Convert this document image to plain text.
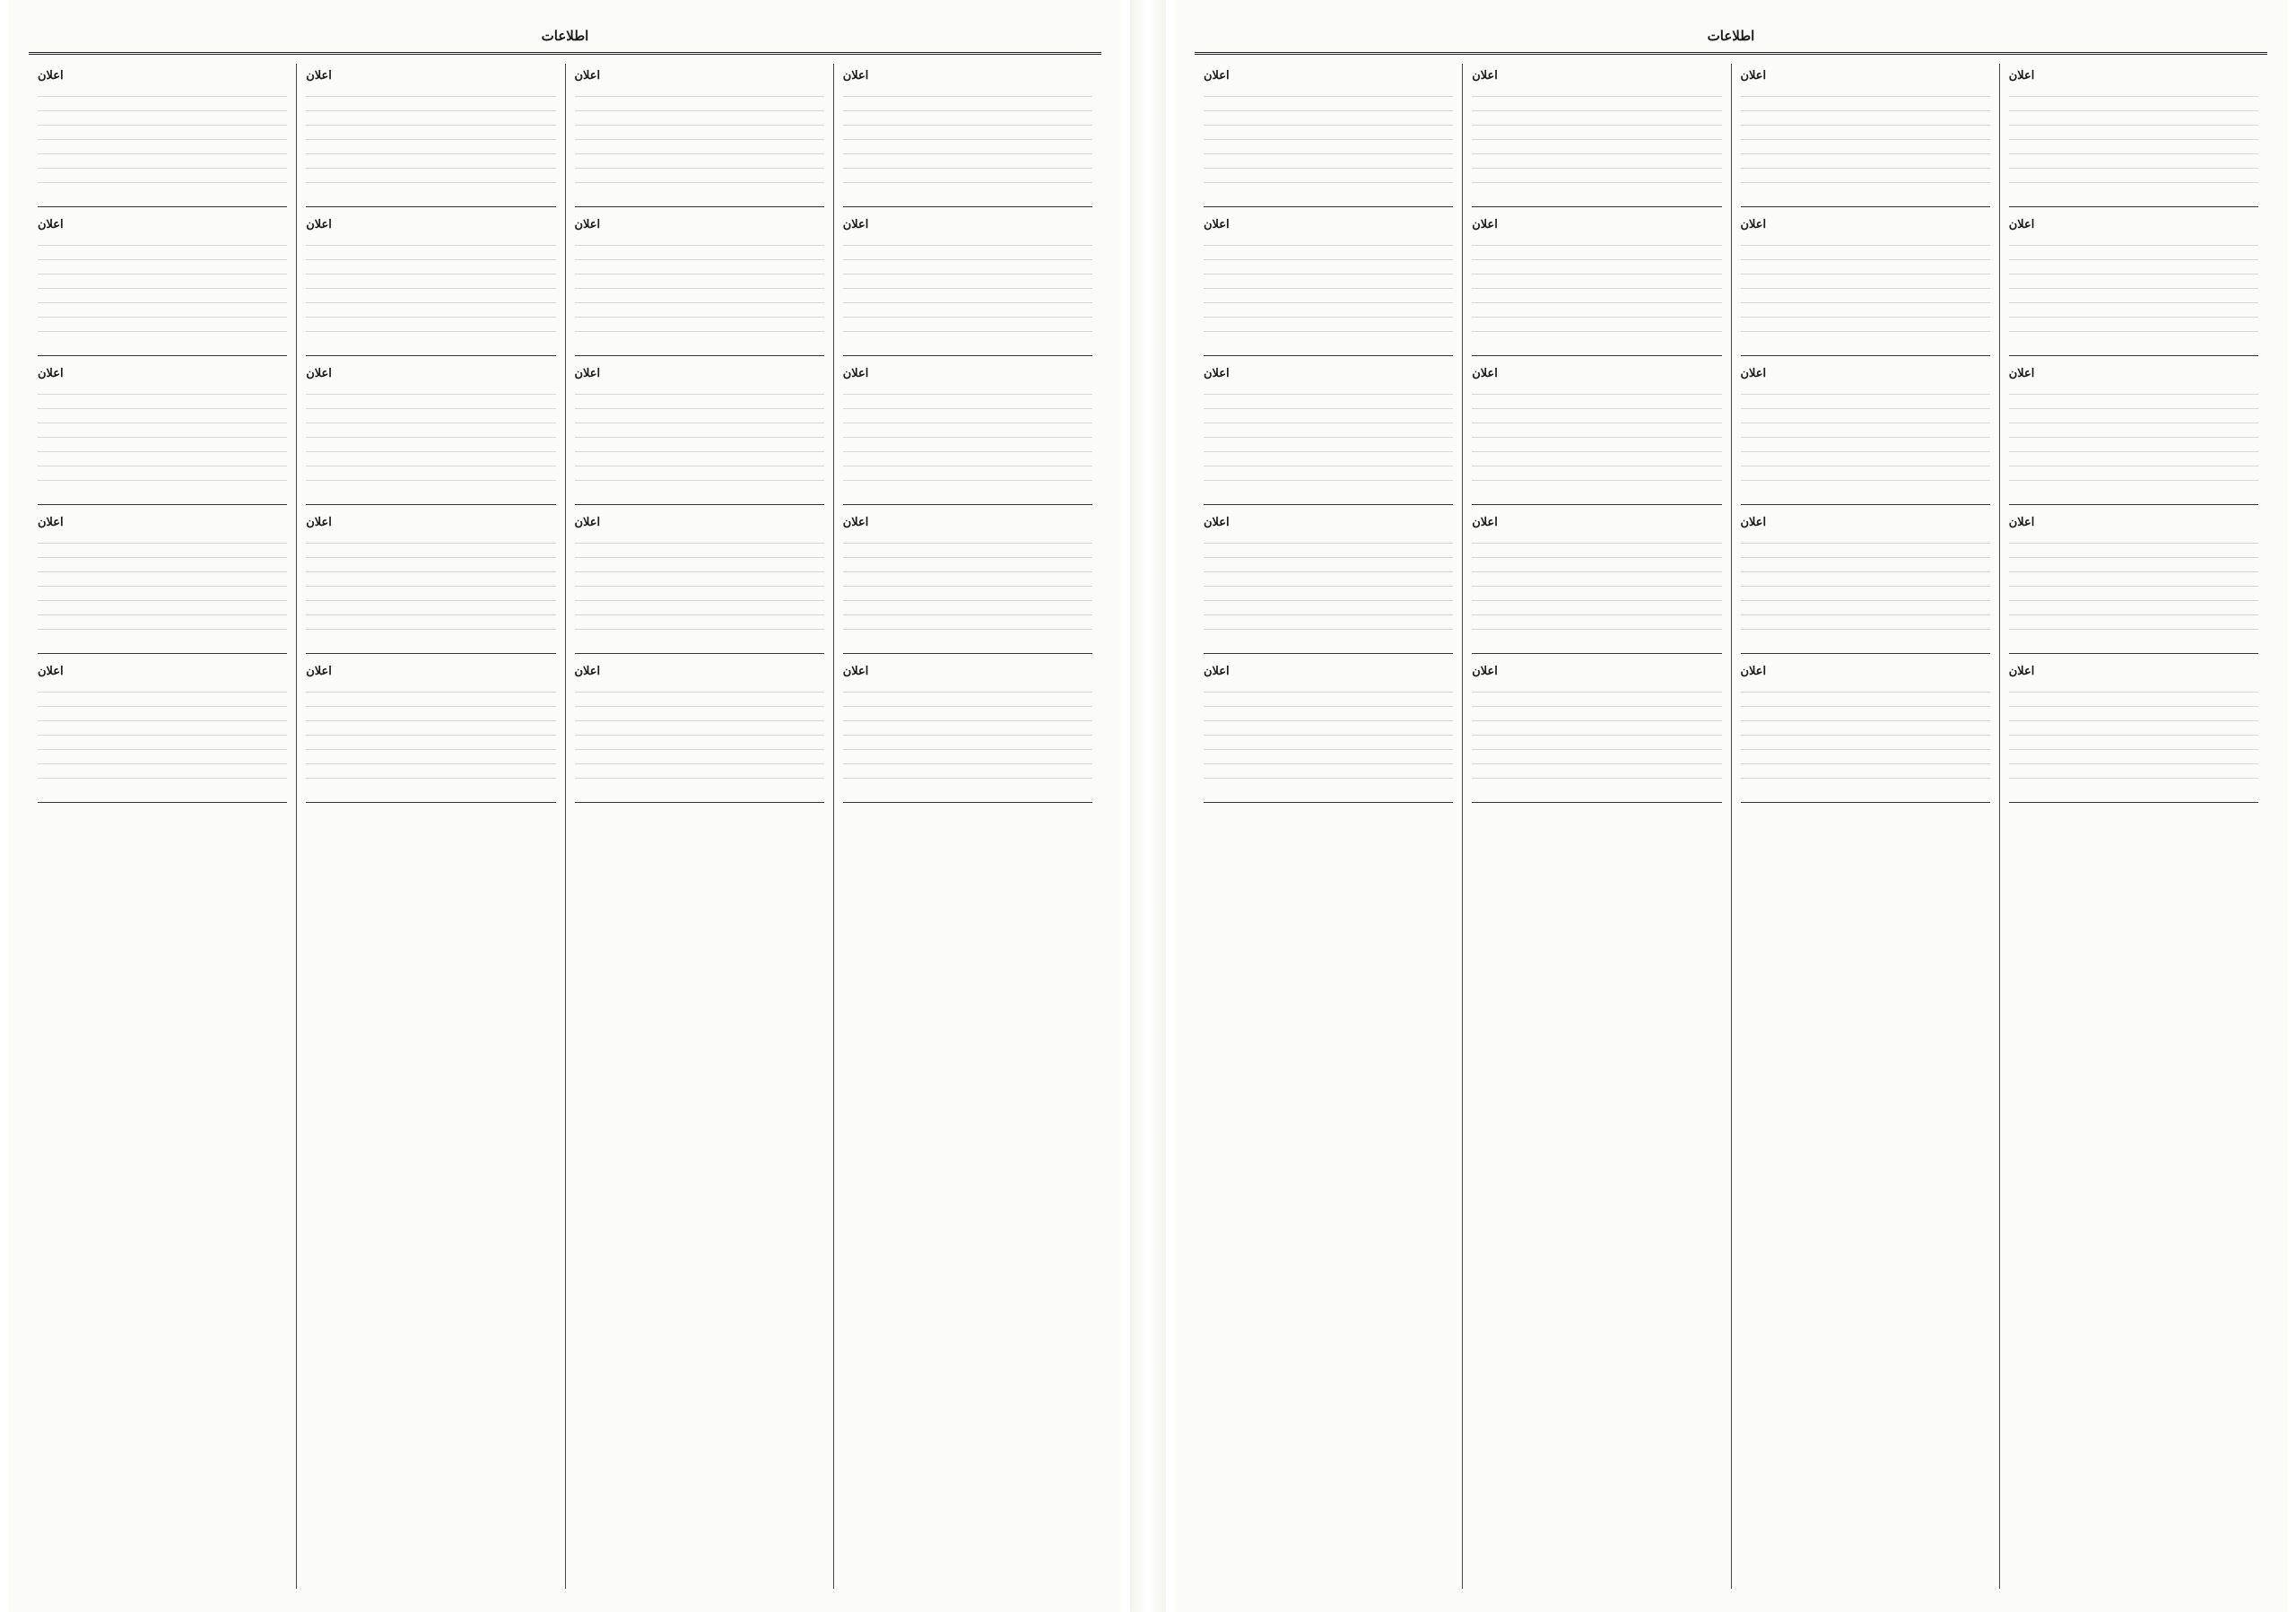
اطلاعات
اعلان
اعلان
اعلان
اعلان
اعلان
اعلان
اعلان
اعلان
اعلان
اعلان
اعلان
اعلان
اعلان
اعلان
اعلان
اعلان
اعلان
اعلان
اعلان
اعلان
اطلاعات
اعلان
اعلان
اعلان
اعلان
اعلان
اعلان
اعلان
اعلان
اعلان
اعلان
اعلان
اعلان
اعلان
اعلان
اعلان
اعلان
اعلان
اعلان
اعلان
اعلان
